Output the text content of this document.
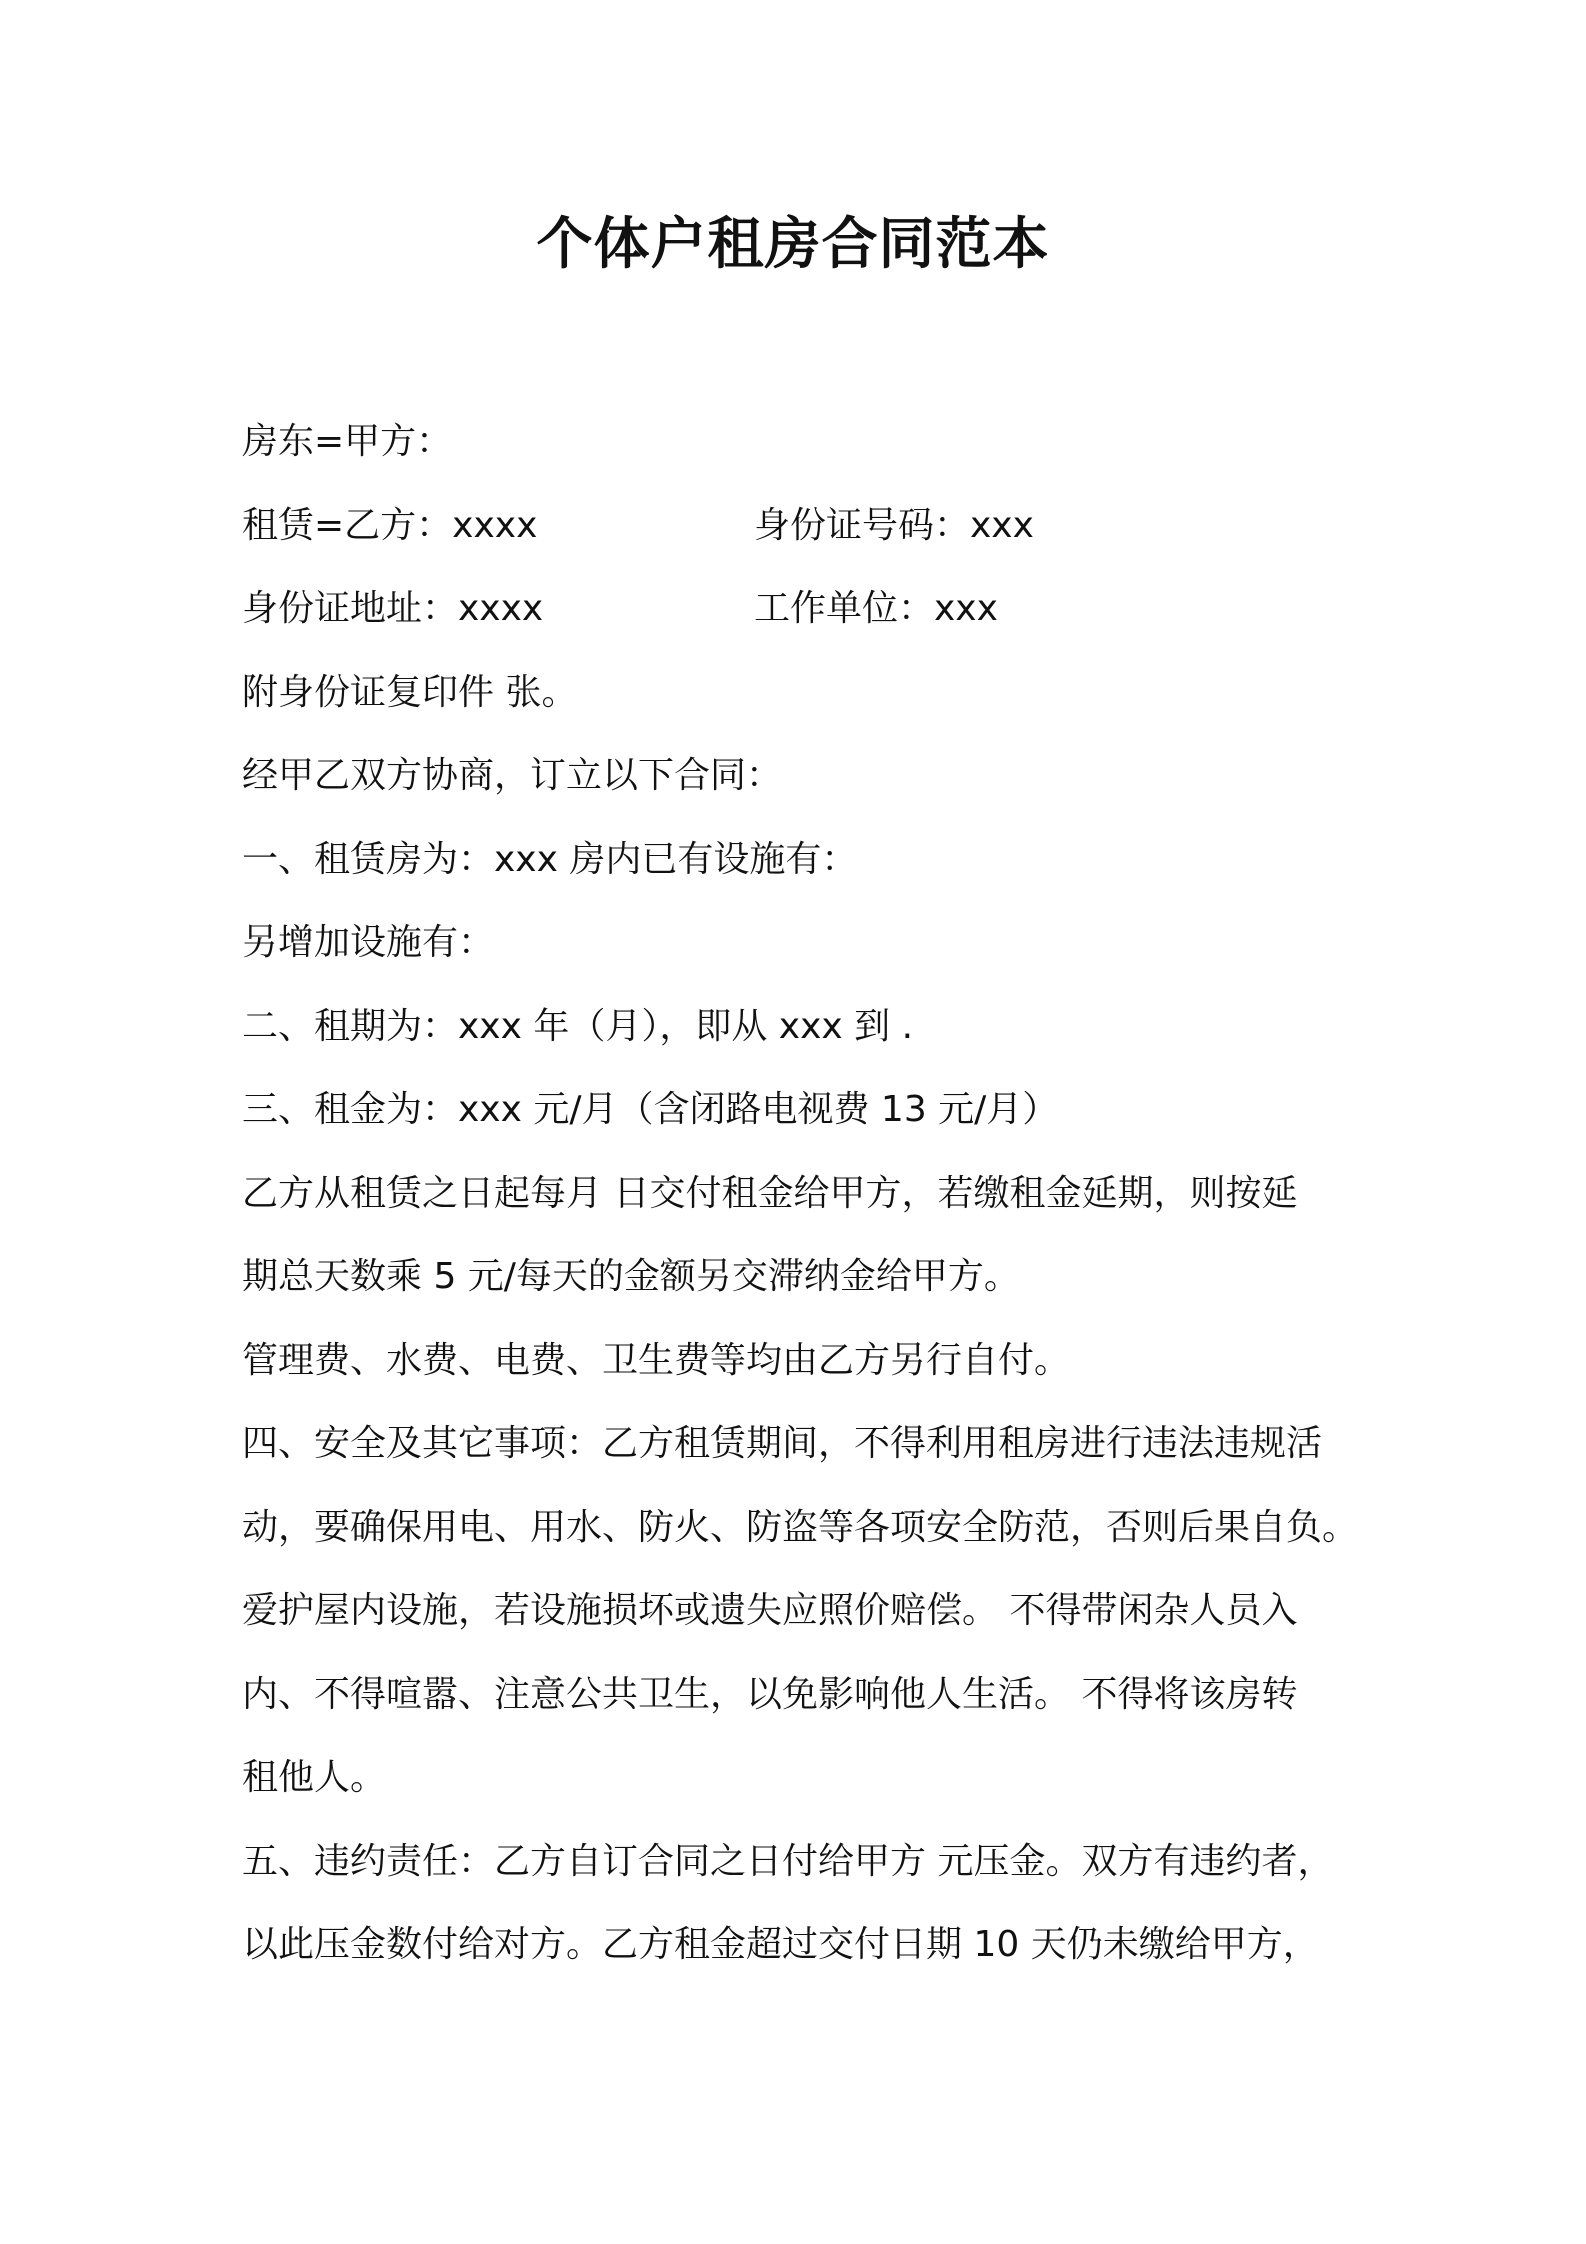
个体户租房合同范本
房东=甲方：
租赁=乙方：xxxx	身份证号码：xxx
身份证地址：xxxx	工作单位：xxx
附身份证复印件 张。
经甲乙双方协商，订立以下合同：
一、租赁房为：xxx 房内已有设施有：
另增加设施有：
二、租期为：xxx 年（月），即从 xxx 到 .
三、租金为：xxx 元/月（含闭路电视费 13 元/月）
乙方从租赁之日起每月 日交付租金给甲方，若缴租金延期，则按延
期总天数乘 5 元/每天的金额另交滞纳金给甲方。
管理费、水费、电费、卫生费等均由乙方另行自付。
四、安全及其它事项：乙方租赁期间，不得利用租房进行违法违规活
动，要确保用电、用水、防火、防盗等各项安全防范，否则后果自负。
爱护屋内设施，若设施损坏或遗失应照价赔偿。 不得带闲杂人员入
内、不得喧嚣、注意公共卫生，以免影响他人生活。 不得将该房转
租他人。
五、违约责任：乙方自订合同之日付给甲方 元压金。双方有违约者，
以此压金数付给对方。乙方租金超过交付日期 10 天仍未缴给甲方，
